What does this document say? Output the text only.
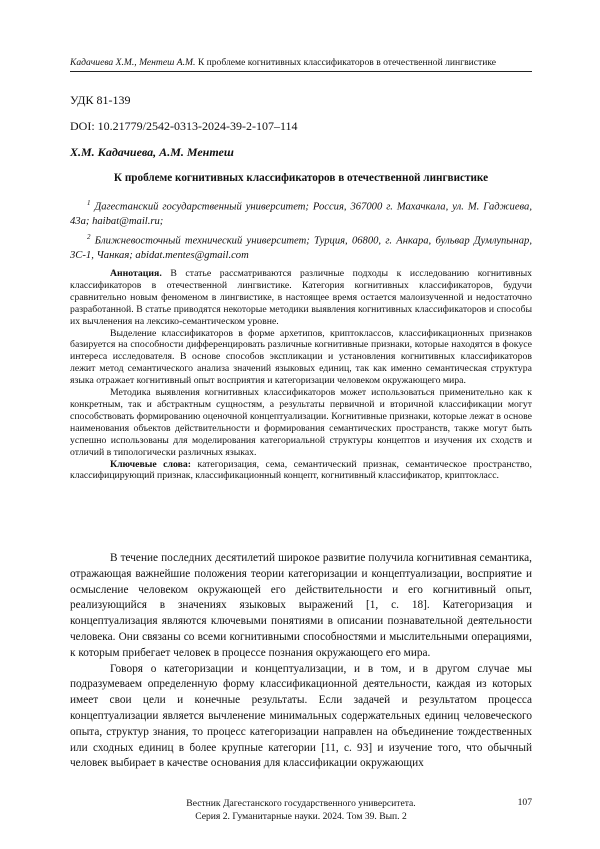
Кадачиева Х.М., Ментеш А.М. К проблеме когнитивных классификаторов в отечественной лингвистике
УДК 81-139
DOI: 10.21779/2542-0313-2024-39-2-107–114
Х.М. Кадачиева, А.М. Ментеш
К проблеме когнитивных классификаторов в отечественной лингвистике

$^1$ Дагестанский государственный университет; Россия, 367000 г. Махачкала, ул. М. Гаджиева, 43а; haibat@mail.ru;

$^2$ Ближневосточный технический университет; Турция, 06800, г. Анкара, бульвар Думлупынар, 3С-1, Чанкая; abidat.mentes@gmail.com

Аннотация. В статье рассматриваются различные подходы к исследованию когнитивных классификаторов в отечественной лингвистике. Категория когнитивных классификаторов, будучи сравнительно новым феноменом в лингвистике, в настоящее время остается малоизученной и недостаточно разработанной. В статье приводятся некоторые методики выявления когнитивных классификаторов и способы их вычленения на лексико-семантическом уровне.

Выделение классификаторов в форме архетипов, криптоклассов, классификационных признаков базируется на способности дифференцировать различные когнитивные признаки, которые находятся в фокусе интереса исследователя. В основе способов экспликации и установления когнитивных классификаторов лежит метод семантического анализа значений языковых единиц, так как именно семантическая структура языка отражает когнитивный опыт восприятия и категоризации человеком окружающего мира.

Методика выявления когнитивных классификаторов может использоваться применительно как к конкретным, так и абстрактным сущностям, а результаты первичной и вторичной классификации могут способствовать формированию оценочной концептуализации. Когнитивные признаки, которые лежат в основе наименования объектов действительности и формирования семантических пространств, также могут быть успешно использованы для моделирования категориальной структуры концептов и изучения их сходств и отличий в типологически различных языках.

Ключевые слова: категоризация, сема, семантический признак, семантическое пространство, классифицирующий признак, классификационный концепт, когнитивный классификатор, криптокласс.

В течение последних десятилетий широкое развитие получила когнитивная семантика, отражающая важнейшие положения теории категоризации и концептуализации, восприятие и осмысление человеком окружающей его действительности и его когнитивный опыт, реализующийся в значениях языковых выражений [1, с. 18]. Категоризация и концептуализация являются ключевыми понятиями в описании познавательной деятельности человека. Они связаны со всеми когнитивными способностями и мыслительными операциями, к которым прибегает человек в процессе познания окружающего его мира.

Говоря о категоризации и концептуализации, и в том, и в другом случае мы подразумеваем определенную форму классификационной деятельности, каждая из которых имеет свои цели и конечные результаты. Если задачей и результатом процесса концептуализации является вычленение минимальных содержательных единиц человеческого опыта, структур знания, то процесс категоризации направлен на объединение тождественных или сходных единиц в более крупные категории [11, с. 93] и изучение того, что обычный человек выбирает в качестве основания для классификации окружающих

Вестник Дагестанского государственного университета.
Серия 2. Гуманитарные науки. 2024. Том 39. Вып. 2
107
